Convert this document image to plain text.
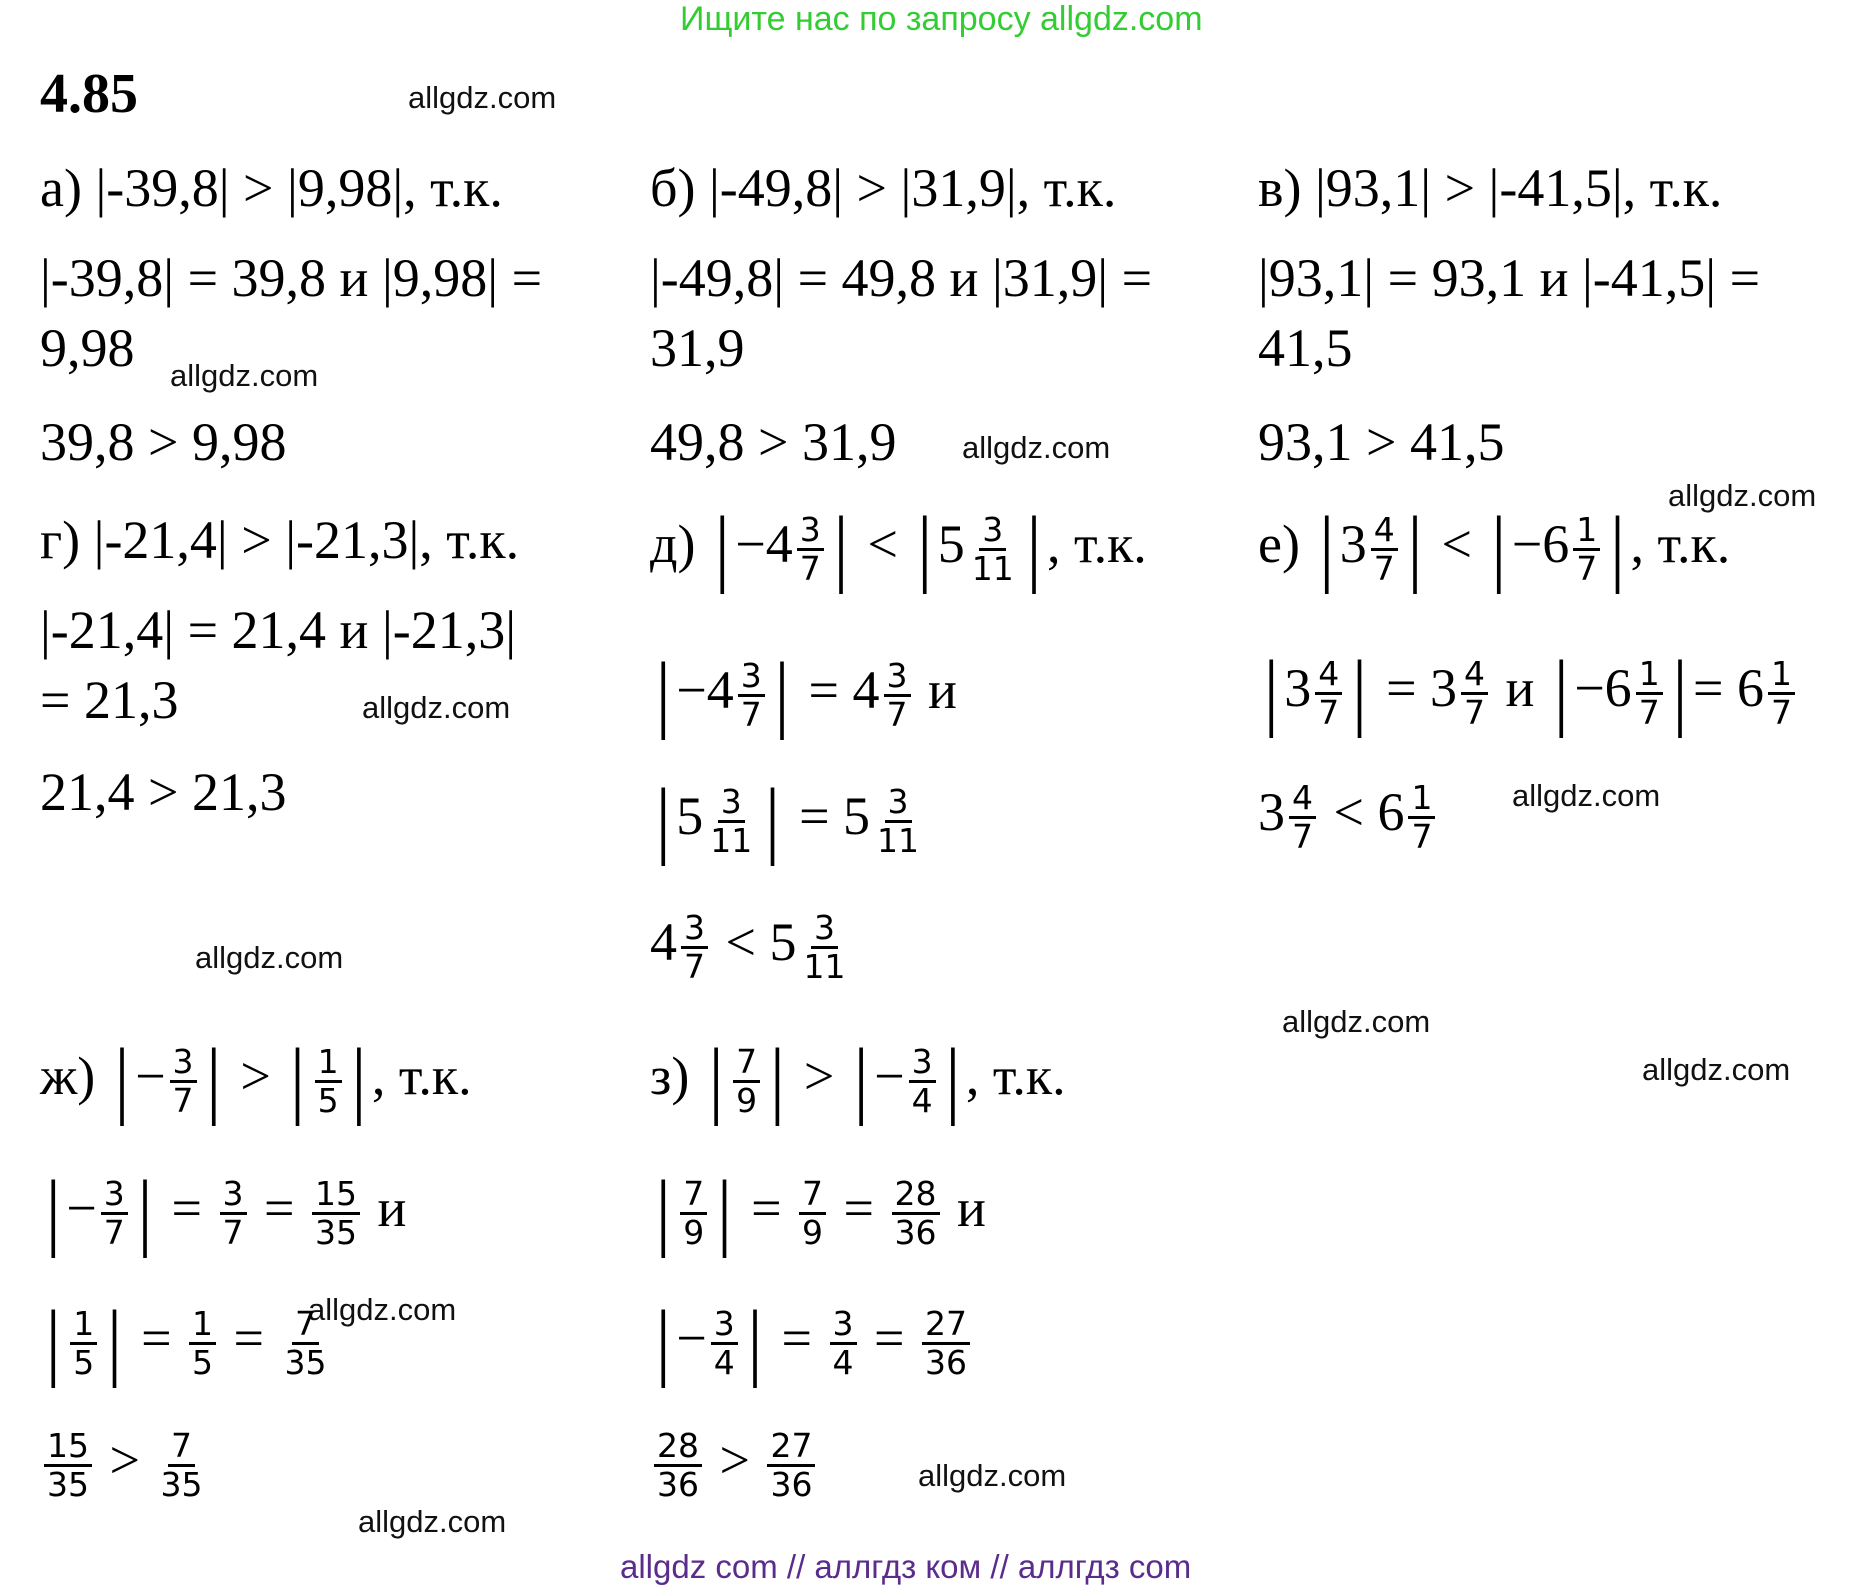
Ищите нас по запросу allgdz.com
4.85	allgdz.com
allgdz.com
allgdz.com
allgdz.com
allgdz.com
allgdz.com
allgdz.com
allgdz.com
allgdz.com
allgdz.com
allgdz.com
allgdz.com
а) |-39,8| > |9,98|, т.к.
|-39,8| = 39,8 и |9,98| =
9,98
39,8 > 9,98
б) |-49,8| > |31,9|, т.к.
|-49,8| = 49,8 и |31,9| =
31,9
49,8 > 31,9
в) |93,1| > |-41,5|, т.к.
|93,1| = 93,1 и |-41,5| =
41,5
93,1 > 41,5
г) |-21,4| > |-21,3|, т.к.
|-21,4| = 21,4 и |-21,3|
= 21,3
21,4 > 21,3
д) $|-4 \frac{3}{7}$ | < $|5 \frac{3}{11}$ |, т.к.
$|-4 \frac{3}{7}$ | = $4 \frac{3}{7}$ и
$|5 \frac{3}{11}$ | = $5 \frac{3}{11}$
$4 \frac{3}{7} < 5 \frac{3}{11}$
е) $|3 \frac{4}{7}$ | < $|-6 \frac{1}{7}$ |, т.к.
$|3 \frac{4}{7}$ | = $3 \frac{4}{7}$ и $|-6 \frac{1}{7}$ |= $6 \frac{1}{7}$
$3 \frac{4}{7} < 6 \frac{1}{7}$
ж) |− $\frac{3}{7}$ | > | $\frac{1}{5}$ |, т.к.
|− $\frac{3}{7}$ | = $\frac{3}{7} = \frac{15}{35}$ и
| $\frac{1}{5}$ | = $\frac{1}{5} = \frac{7}{35}$
$\frac{15}{35} > \frac{7}{35}$
з) | $\frac{7}{9}$ | > |− $\frac{3}{4}$ |, т.к.
| $\frac{7}{9}$ | = $\frac{7}{9} = \frac{28}{36}$ и
|− $\frac{3}{4}$ | = $\frac{3}{4} = \frac{27}{36}$
$\frac{28}{36} > \frac{27}{36}$
allgdz com // аллгдз ком // аллгдз com
